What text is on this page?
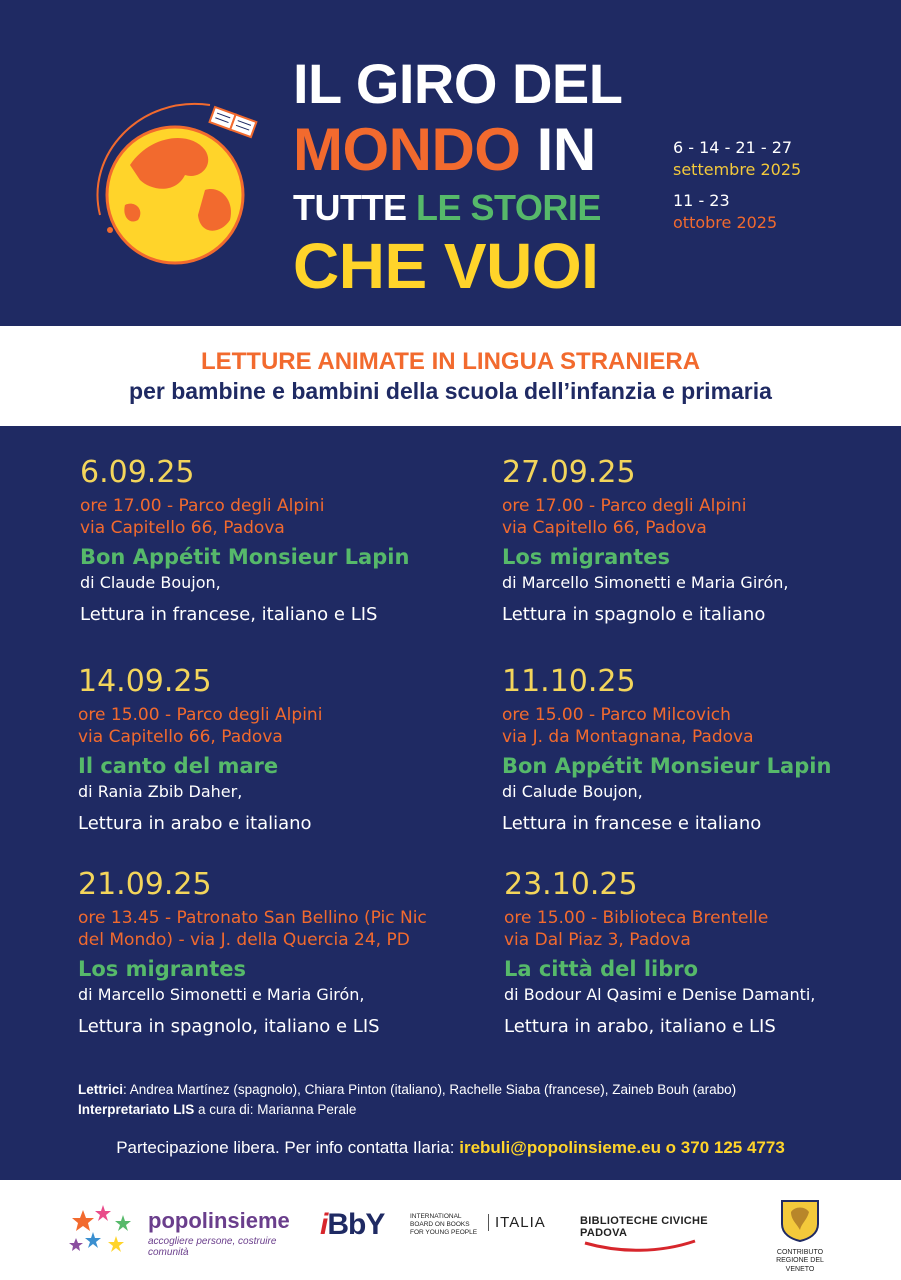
IL GIRO DEL
MONDO IN
TUTTE LE STORIE
CHE VUOI
6 - 14 - 21 - 27
settembre 2025
11 - 23
ottobre 2025
LETTURE ANIMATE IN LINGUA STRANIERA
per bambine e bambini della scuola dell’infanzia e primaria
6.09.25
ore 17.00 - Parco degli Alpini
via Capitello 66, Padova
Bon Appétit Monsieur Lapin
di Claude Boujon,
Lettura in francese, italiano e LIS
27.09.25
ore 17.00 - Parco degli Alpini
via Capitello 66, Padova
Los migrantes
di Marcello Simonetti e Maria Girón,
Lettura in spagnolo e italiano
14.09.25
ore 15.00 - Parco degli Alpini
via Capitello 66, Padova
Il canto del mare
di Rania Zbib Daher,
Lettura in arabo e italiano
11.10.25
ore 15.00 - Parco Milcovich
via J. da Montagnana, Padova
Bon Appétit Monsieur Lapin
di Calude Boujon,
Lettura in francese e italiano
21.09.25
ore 13.45 - Patronato San Bellino (Pic Nic
del Mondo) - via J. della Quercia 24, PD
Los migrantes
di Marcello Simonetti e Maria Girón,
Lettura in spagnolo, italiano e LIS
23.10.25
ore 15.00 - Biblioteca Brentelle
via Dal Piaz 3, Padova
La città del libro
di Bodour Al Qasimi e Denise Damanti,
Lettura in arabo, italiano e LIS
Lettrici: Andrea Martínez (spagnolo), Chiara Pinton (italiano), Rachelle Siaba (francese), Zaineb Bouh (arabo)
Interpretariato LIS a cura di: Marianna Perale
Partecipazione libera. Per info contatta Ilaria: irebuli@popolinsieme.eu o 370 125 4773
popolinsieme
accogliere persone, costruire comunità
iBbY	INTERNATIONAL BOARD ON BOOKS FOR YOUNG PEOPLE
ITALIA	BIBLIOTECHE CIVICHE PADOVA
CONTRIBUTO REGIONE DEL VENETO
